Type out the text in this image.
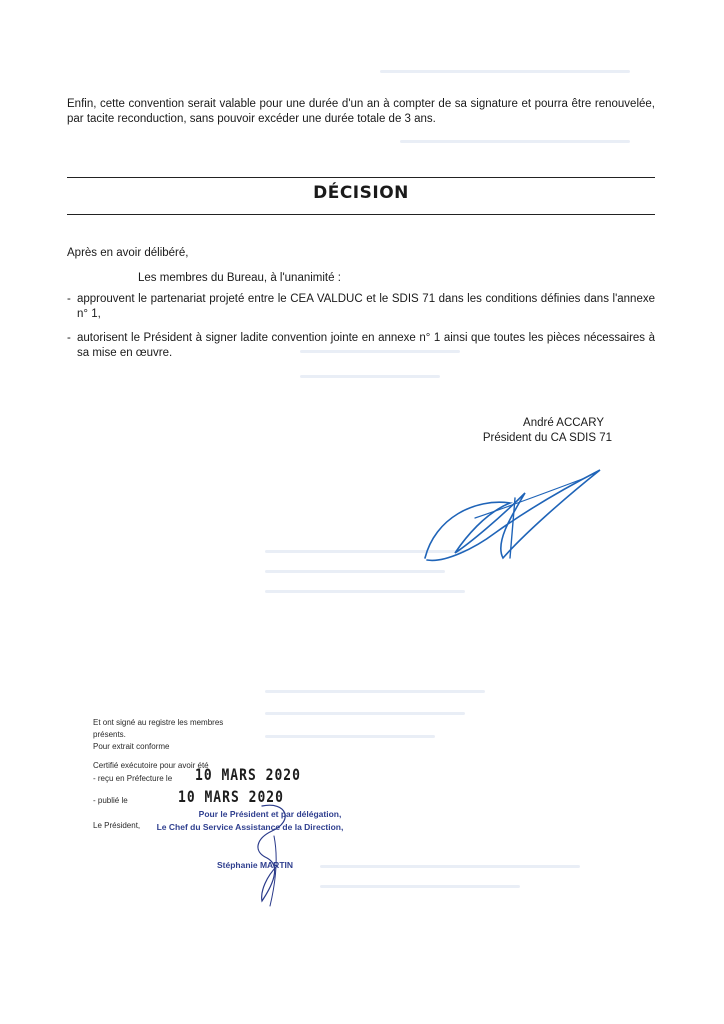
Enfin, cette convention serait valable pour une durée d'un an à compter de sa signature et pourra être renouvelée, par tacite reconduction, sans pouvoir excéder une durée totale de 3 ans.

DÉCISION

Après en avoir délibéré,

Les membres du Bureau, à l'unanimité :

- approuvent le partenariat projeté entre le CEA VALDUC et le SDIS 71 dans les conditions définies dans l'annexe n° 1,
- autorisent le Président à signer ladite convention jointe en annexe n° 1 ainsi que toutes les pièces nécessaires à sa mise en œuvre.

André ACCARY

Président du CA SDIS 71

Et ont signé au registre les membres
présents.
Pour extrait conforme
Certifié exécutoire pour avoir été
- reçu en Préfecture le 10 MARS 2020
- publié le	10 MARS 2020
Le Président,
Pour le Président et par délégation,
Le Chef du Service Assistance de la Direction,
Stéphanie MARTIN
